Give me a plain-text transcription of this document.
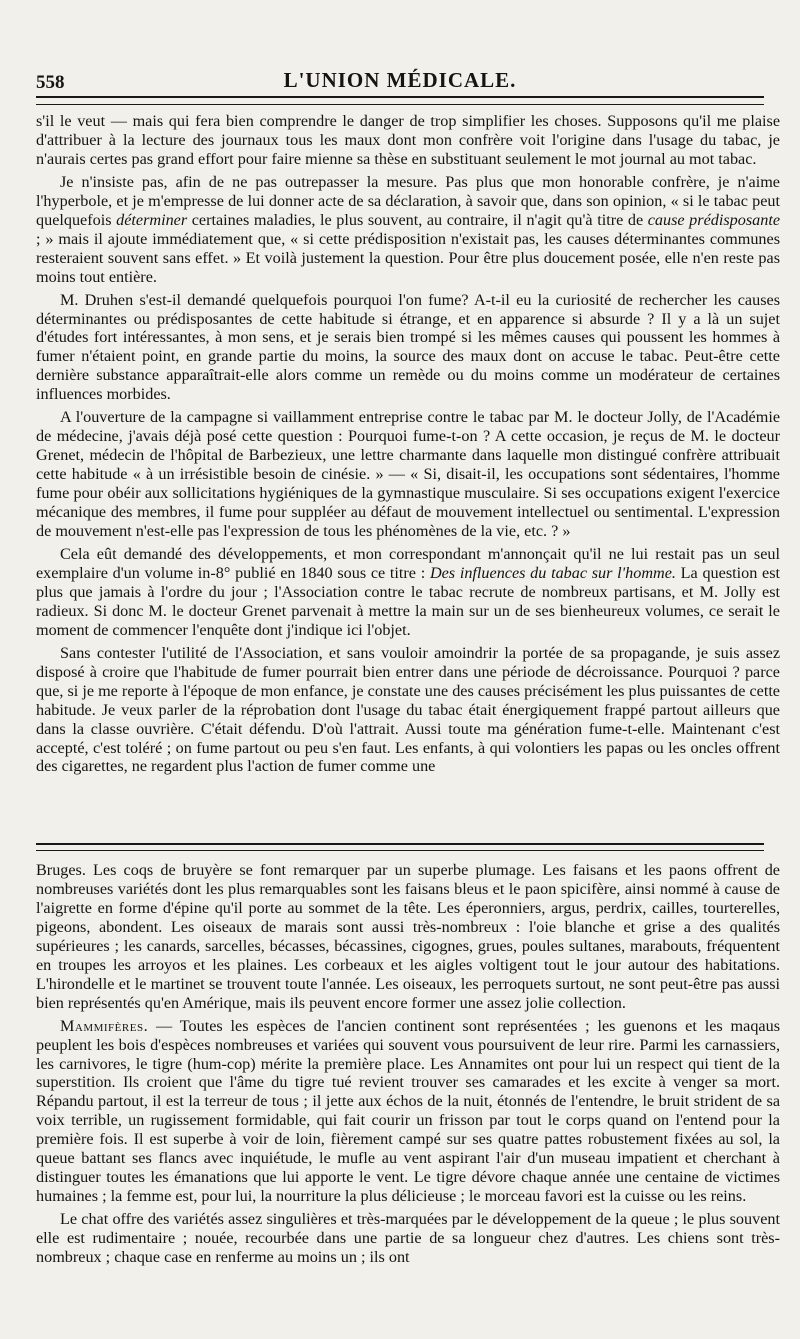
558	L'UNION MÉDICALE.

s'il le veut — mais qui fera bien comprendre le danger de trop simplifier les choses. Supposons qu'il me plaise d'attribuer à la lecture des journaux tous les maux dont mon confrère voit l'origine dans l'usage du tabac, je n'aurais certes pas grand effort pour faire mienne sa thèse en substituant seulement le mot journal au mot tabac.

Je n'insiste pas, afin de ne pas outrepasser la mesure. Pas plus que mon honorable confrère, je n'aime l'hyperbole, et je m'empresse de lui donner acte de sa déclaration, à savoir que, dans son opinion, « si le tabac peut quelquefois déterminer certaines maladies, le plus souvent, au contraire, il n'agit qu'à titre de cause prédisposante ; » mais il ajoute immédiatement que, « si cette prédisposition n'existait pas, les causes déterminantes communes resteraient souvent sans effet. » Et voilà justement la question. Pour être plus doucement posée, elle n'en reste pas moins tout entière.

M. Druhen s'est-il demandé quelquefois pourquoi l'on fume? A-t-il eu la curiosité de rechercher les causes déterminantes ou prédisposantes de cette habitude si étrange, et en apparence si absurde ? Il y a là un sujet d'études fort intéressantes, à mon sens, et je serais bien trompé si les mêmes causes qui poussent les hommes à fumer n'étaient point, en grande partie du moins, la source des maux dont on accuse le tabac. Peut-être cette dernière substance apparaîtrait-elle alors comme un remède ou du moins comme un modérateur de certaines influences morbides.

A l'ouverture de la campagne si vaillamment entreprise contre le tabac par M. le docteur Jolly, de l'Académie de médecine, j'avais déjà posé cette question : Pourquoi fume-t-on ? A cette occasion, je reçus de M. le docteur Grenet, médecin de l'hôpital de Barbezieux, une lettre charmante dans laquelle mon distingué confrère attribuait cette habitude « à un irrésistible besoin de cinésie. » — « Si, disait-il, les occupations sont sédentaires, l'homme fume pour obéir aux sollicitations hygiéniques de la gymnastique musculaire. Si ses occupations exigent l'exercice mécanique des membres, il fume pour suppléer au défaut de mouvement intellectuel ou sentimental. L'expression de mouvement n'est-elle pas l'expression de tous les phénomènes de la vie, etc. ? »

Cela eût demandé des développements, et mon correspondant m'annonçait qu'il ne lui restait pas un seul exemplaire d'un volume in-8° publié en 1840 sous ce titre : Des influences du tabac sur l'homme. La question est plus que jamais à l'ordre du jour ; l'Association contre le tabac recrute de nombreux partisans, et M. Jolly est radieux. Si donc M. le docteur Grenet parvenait à mettre la main sur un de ses bienheureux volumes, ce serait le moment de commencer l'enquête dont j'indique ici l'objet.

Sans contester l'utilité de l'Association, et sans vouloir amoindrir la portée de sa propagande, je suis assez disposé à croire que l'habitude de fumer pourrait bien entrer dans une période de décroissance. Pourquoi ? parce que, si je me reporte à l'époque de mon enfance, je constate une des causes précisément les plus puissantes de cette habitude. Je veux parler de la réprobation dont l'usage du tabac était énergiquement frappé partout ailleurs que dans la classe ouvrière. C'était défendu. D'où l'attrait. Aussi toute ma génération fume-t-elle. Maintenant c'est accepté, c'est toléré ; on fume partout ou peu s'en faut. Les enfants, à qui volontiers les papas ou les oncles offrent des cigarettes, ne regardent plus l'action de fumer comme une

Bruges. Les coqs de bruyère se font remarquer par un superbe plumage. Les faisans et les paons offrent de nombreuses variétés dont les plus remarquables sont les faisans bleus et le paon spicifère, ainsi nommé à cause de l'aigrette en forme d'épine qu'il porte au sommet de la tête. Les éperonniers, argus, perdrix, cailles, tourterelles, pigeons, abondent. Les oiseaux de marais sont aussi très-nombreux : l'oie blanche et grise a des qualités supérieures ; les canards, sarcelles, bécasses, bécassines, cigognes, grues, poules sultanes, marabouts, fréquentent en troupes les arroyos et les plaines. Les corbeaux et les aigles voltigent tout le jour autour des habitations. L'hirondelle et le martinet se trouvent toute l'année. Les oiseaux, les perroquets surtout, ne sont peut-être pas aussi bien représentés qu'en Amérique, mais ils peuvent encore former une assez jolie collection.

Mammifères. — Toutes les espèces de l'ancien continent sont représentées ; les guenons et les maqaus peuplent les bois d'espèces nombreuses et variées qui souvent vous poursuivent de leur rire. Parmi les carnassiers, les carnivores, le tigre (hum-cop) mérite la première place. Les Annamites ont pour lui un respect qui tient de la superstition. Ils croient que l'âme du tigre tué revient trouver ses camarades et les excite à venger sa mort. Répandu partout, il est la terreur de tous ; il jette aux échos de la nuit, étonnés de l'entendre, le bruit strident de sa voix terrible, un rugissement formidable, qui fait courir un frisson par tout le corps quand on l'entend pour la première fois. Il est superbe à voir de loin, fièrement campé sur ses quatre pattes robustement fixées au sol, la queue battant ses flancs avec inquiétude, le mufle au vent aspirant l'air d'un museau impatient et cherchant à distinguer toutes les émanations que lui apporte le vent. Le tigre dévore chaque année une centaine de victimes humaines ; la femme est, pour lui, la nourriture la plus délicieuse ; le morceau favori est la cuisse ou les reins.

Le chat offre des variétés assez singulières et très-marquées par le développement de la queue ; le plus souvent elle est rudimentaire ; nouée, recourbée dans une partie de sa longueur chez d'autres. Les chiens sont très-nombreux ; chaque case en renferme au moins un ; ils ont
